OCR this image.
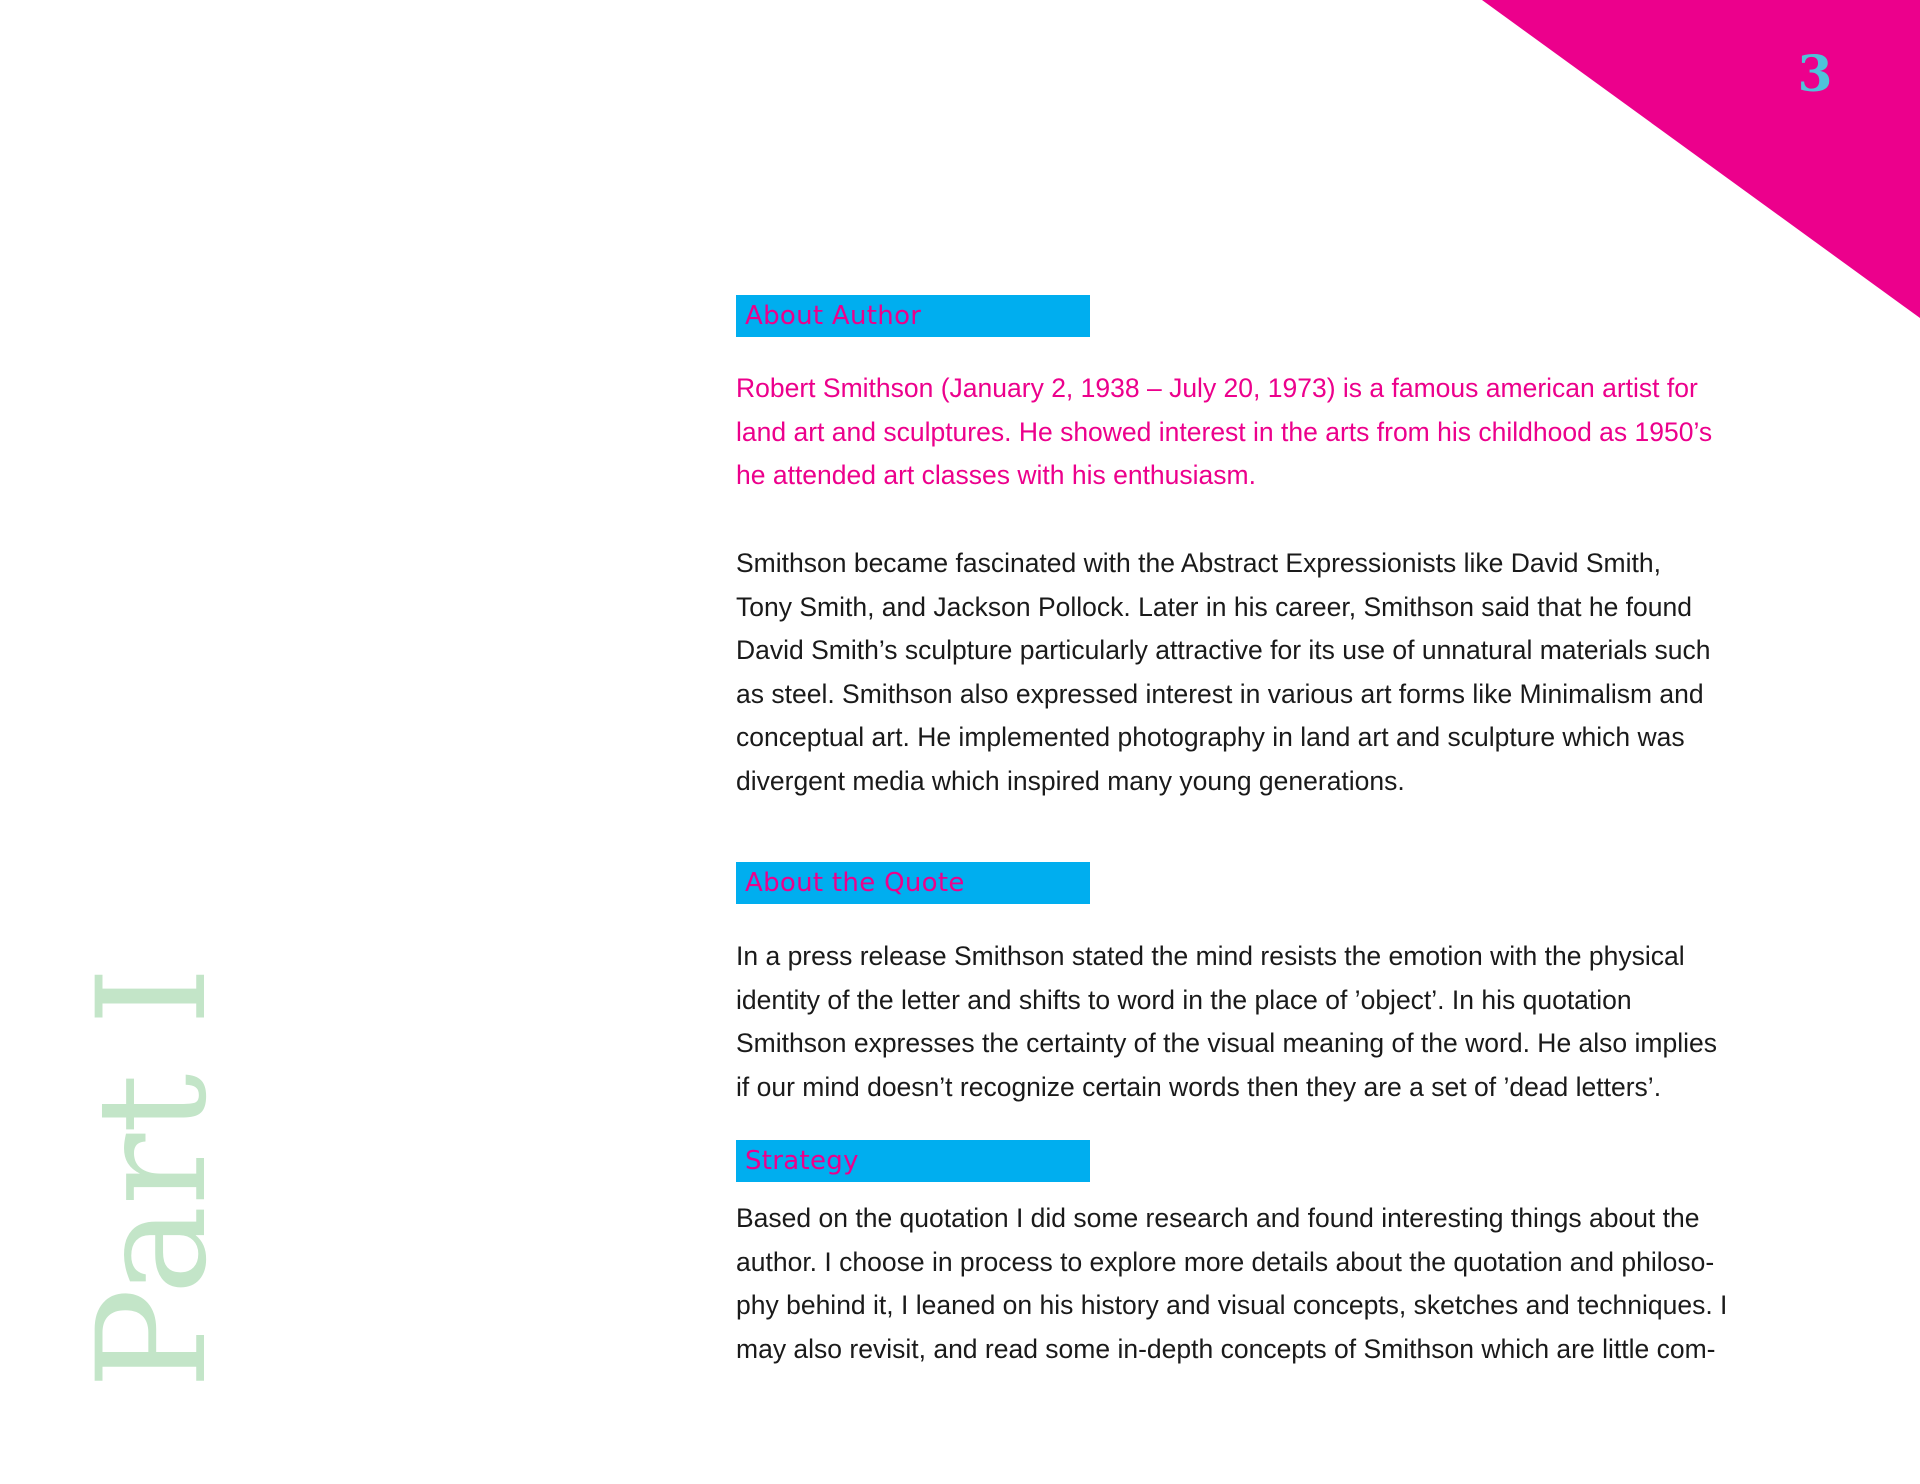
3
Part I
About Author

Robert Smithson (January 2, 1938 – July 20, 1973) is a famous american artist for
land art and sculptures. He showed interest in the arts from his childhood as 1950’s
he attended art classes with his enthusiasm.

Smithson became fascinated with the Abstract Expressionists like David Smith,
Tony Smith, and Jackson Pollock. Later in his career, Smithson said that he found
David Smith’s sculpture particularly attractive for its use of unnatural materials such
as steel. Smithson also expressed interest in various art forms like Minimalism and
conceptual art. He implemented photography in land art and sculpture which was
divergent media which inspired many young generations.

About the Quote

In a press release Smithson stated the mind resists the emotion with the physical
identity of the letter and shifts to word in the place of ’object’. In his quotation
Smithson expresses the certainty of the visual meaning of the word. He also implies
if our mind doesn’t recognize certain words then they are a set of ’dead letters’.

Strategy

Based on the quotation I did some research and found interesting things about the
author. I choose in process to explore more details about the quotation and philoso-
phy behind it, I leaned on his history and visual concepts, sketches and techniques. I
may also revisit, and read some in-depth concepts of Smithson which are little com-
